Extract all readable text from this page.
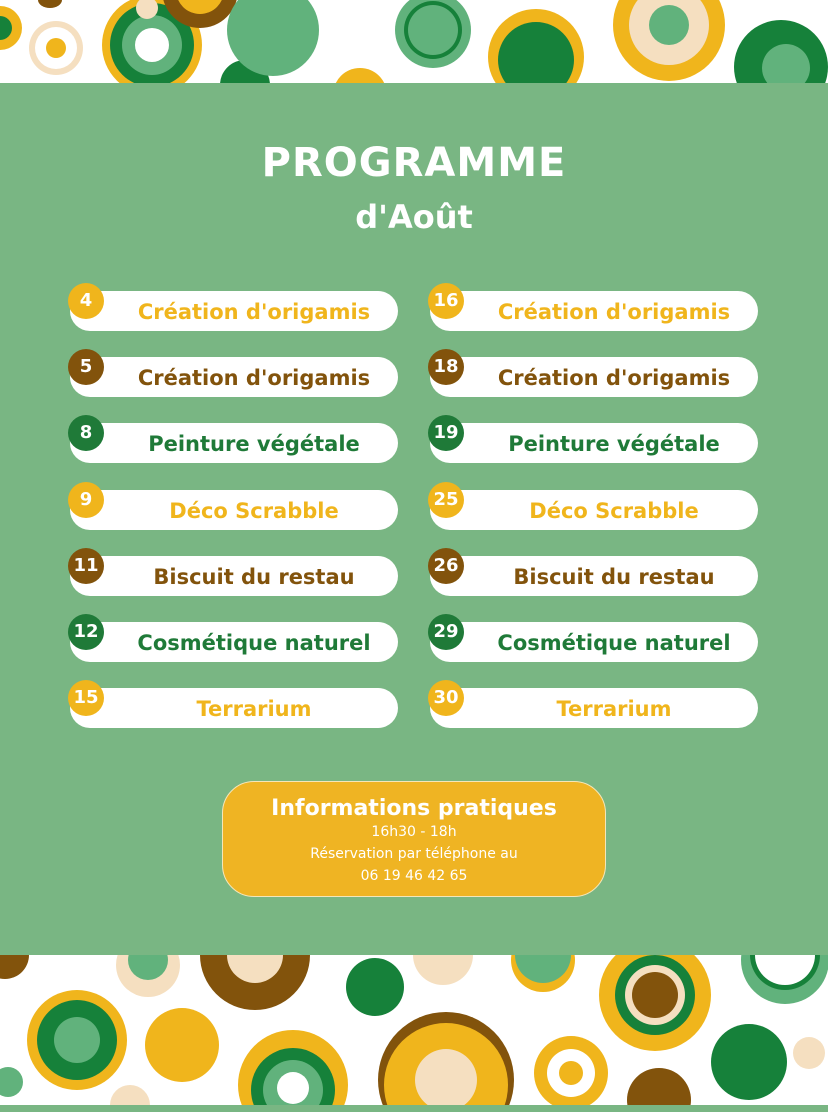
PROGRAMME
d'Août
4	Création d'origamis
5	Création d'origamis
8	Peinture végétale
9	Déco Scrabble
11	Biscuit du restau
12	Cosmétique naturel
15	Terrarium
16	Création d'origamis
18	Création d'origamis
19	Peinture végétale
25	Déco Scrabble
26	Biscuit du restau
29	Cosmétique naturel
30	Terrarium
Informations pratiques

16h30 - 18h

Réservation par téléphone au

06 19 46 42 65
